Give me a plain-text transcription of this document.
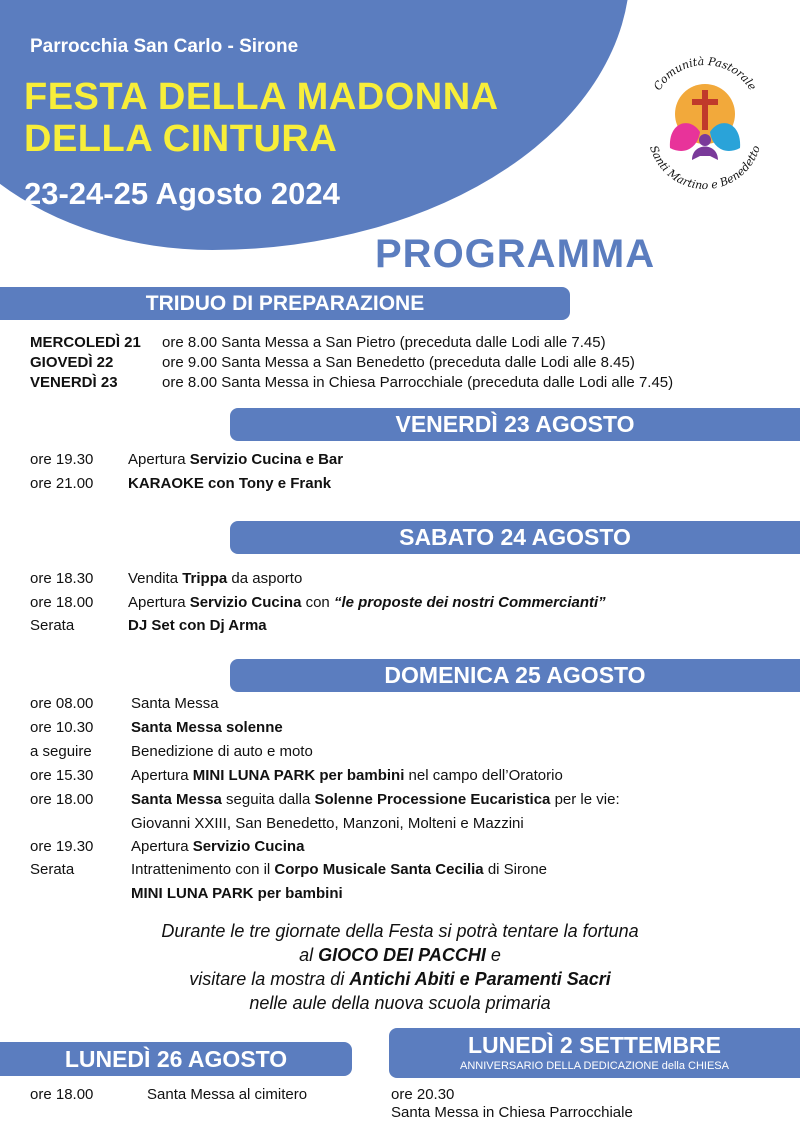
Parrocchia San Carlo - Sirone
FESTA DELLA MADONNA
DELLA CINTURA
23-24-25 Agosto 2024
Comunità Pastorale
Santi Martino e Benedetto
PROGRAMMA
TRIDUO DI PREPARAZIONE
MERCOLEDÌ 21 ore 8.00 Santa Messa a San Pietro (preceduta dalle Lodi alle 7.45)
GIOVEDÌ 22	ore 9.00 Santa Messa a San Benedetto (preceduta dalle Lodi alle 8.45)
VENERDÌ 23	ore 8.00 Santa Messa in Chiesa Parrocchiale (preceduta dalle Lodi alle 7.45)
VENERDÌ 23 AGOSTO
ore 19.30 Apertura Servizio Cucina e Bar
ore 21.00 KARAOKE con Tony e Frank
SABATO 24 AGOSTO
ore 18.30 Vendita Trippa da asporto
ore 18.00 Apertura Servizio Cucina con “le proposte dei nostri Commercianti”
Serata	DJ Set con Dj Arma
DOMENICA 25 AGOSTO
ore 08.00	Santa Messa
ore 10.30	Santa Messa solenne
a seguire	Benedizione di auto e moto
ore 15.30	Apertura MINI LUNA PARK per bambini nel campo dell’Oratorio
ore 18.00	Santa Messa seguita dalla Solenne Processione Eucaristica per le vie:
Giovanni XXIII, San Benedetto, Manzoni, Molteni e Mazzini
ore 19.30	Apertura Servizio Cucina
Serata	Intrattenimento con il Corpo Musicale Santa Cecilia di Sirone
MINI LUNA PARK per bambini
Durante le tre giornate della Festa si potrà tentare la fortuna
al GIOCO DEI PACCHI e
visitare la mostra di Antichi Abiti e Paramenti Sacri
nelle aule della nuova scuola primaria
LUNEDÌ 26 AGOSTO
ore 18.00	Santa Messa al cimitero
LUNEDÌ 2 SETTEMBRE
ANNIVERSARIO DELLA DEDICAZIONE della CHIESA
ore 20.30
Santa Messa in Chiesa Parrocchiale
